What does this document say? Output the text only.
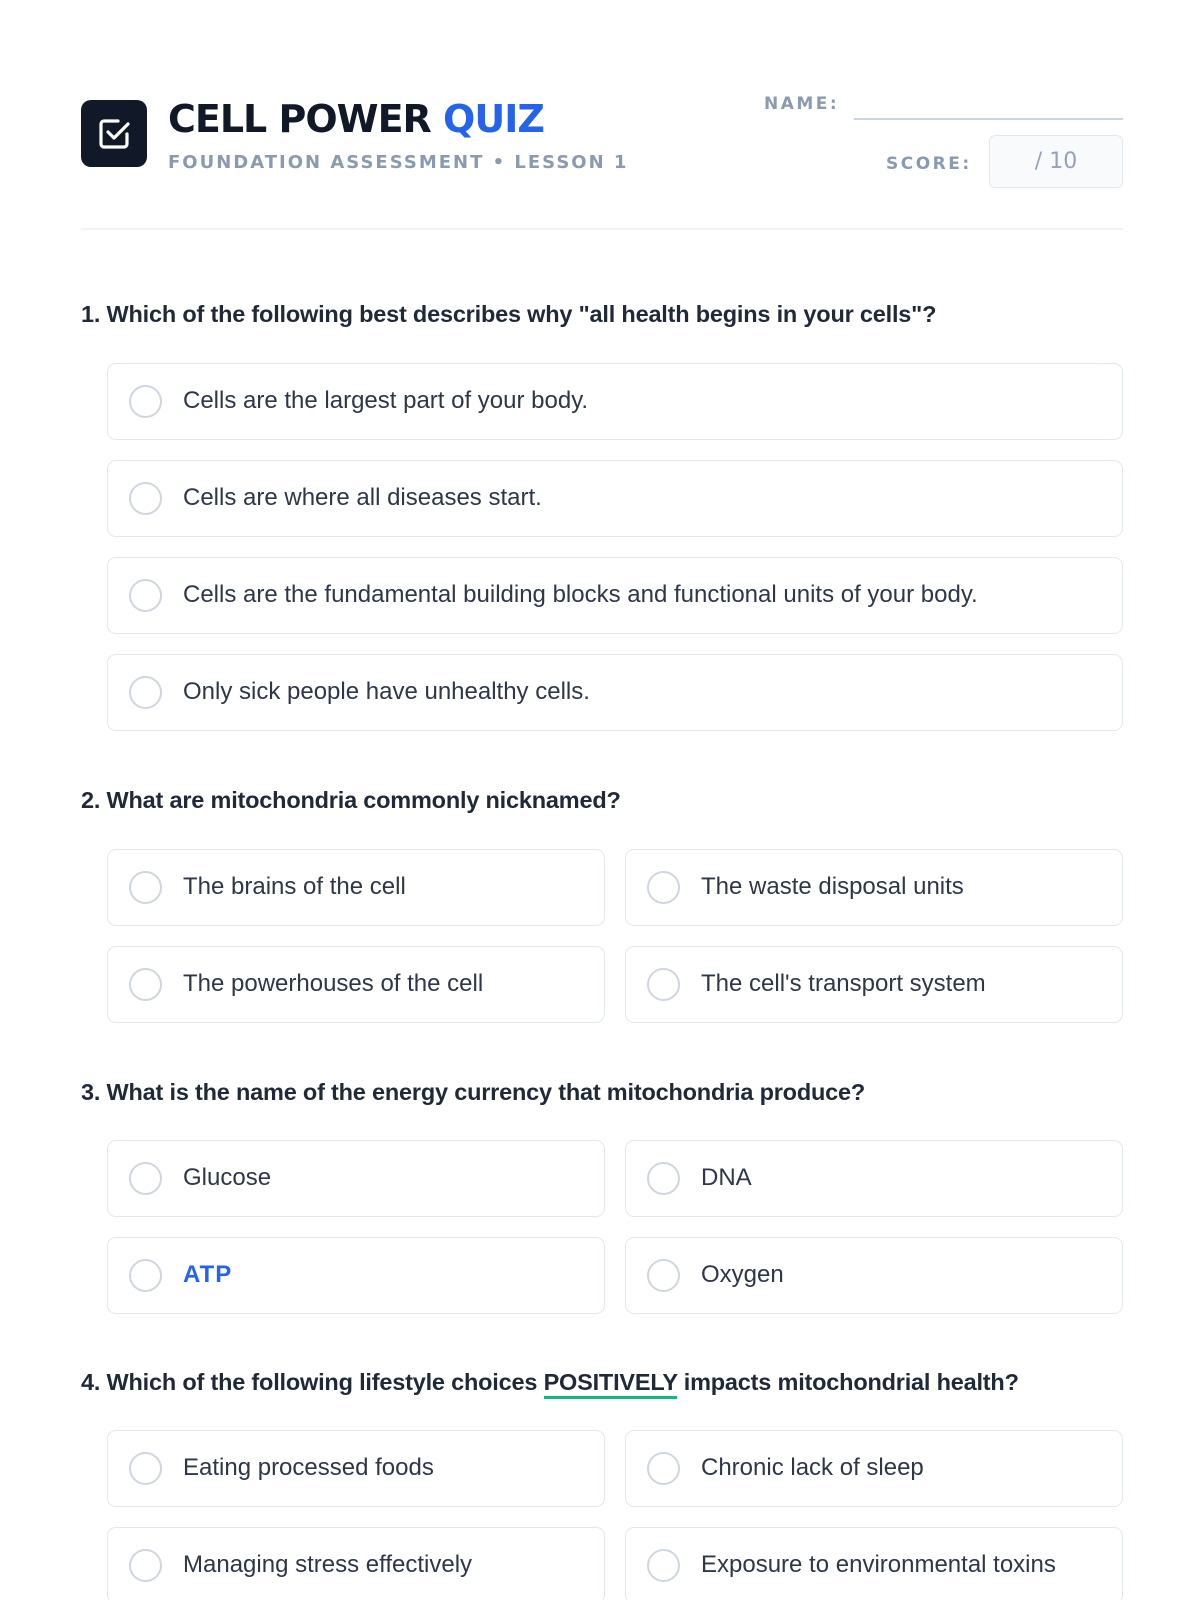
CELL POWER QUIZ
FOUNDATION ASSESSMENT • LESSON 1
NAME:
SCORE:	/ 10
1. Which of the following best describes why "all health begins in your cells"?
Cells are the largest part of your body.
Cells are where all diseases start.
Cells are the fundamental building blocks and functional units of your body.
Only sick people have unhealthy cells.
2. What are mitochondria commonly nicknamed?
The brains of the cell	The waste disposal units
The powerhouses of the cell	The cell's transport system
3. What is the name of the energy currency that mitochondria produce?
Glucose	DNA
ATP	Oxygen
4. Which of the following lifestyle choices POSITIVELY impacts mitochondrial health?
Eating processed foods	Chronic lack of sleep
Managing stress effectively	Exposure to environmental toxins
